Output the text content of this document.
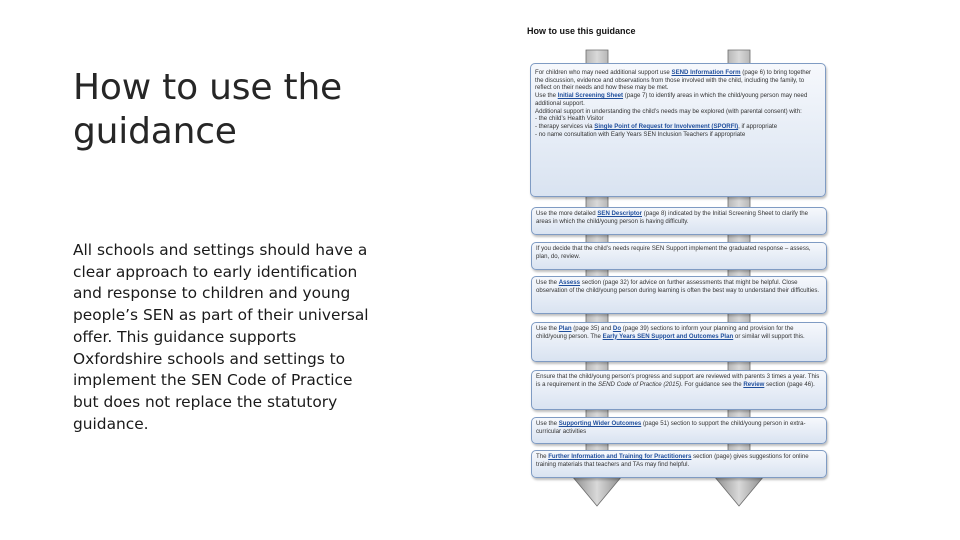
How to use the guidance

All schools and settings should have a clear approach to early identification and response to children and young people’s SEN as part of their universal offer. This guidance supports Oxfordshire schools and settings to implement the SEN Code of Practice but does not replace the statutory guidance.

How to use this guidance

For children who may need additional support use SEND Information Form (page 6) to bring together the discussion, evidence and observations from those involved with the child, including the family, to reflect on their needs and how these may be met.

Use the Initial Screening Sheet (page 7) to identify areas in which the child/young person may need additional support.

Additional support in understanding the child’s needs may be explored (with parental consent) with:

- the child’s Health Visitor

- therapy services via Single Point of Request for Involvement (SPORFI), if appropriate

- no name consultation with Early Years SEN Inclusion Teachers if appropriate

Use the more detailed SEN Descriptor (page 8) indicated by the Initial Screening Sheet to clarify the areas in which the child/young person is having difficulty.

If you decide that the child’s needs require SEN Support implement the graduated response – assess, plan, do, review.

Use the Assess section (page 32) for advice on further assessments that might be helpful. Close observation of the child/young person during learning is often the best way to understand their difficulties.

Use the Plan (page 35) and Do (page 39) sections to inform your planning and provision for the child/young person. The Early Years SEN Support and Outcomes Plan or similar will support this.

Ensure that the child/young person’s progress and support are reviewed with parents 3 times a year. This is a requirement in the SEND Code of Practice (2015). For guidance see the Review section (page 46).

Use the Supporting Wider Outcomes (page 51) section to support the child/young person in extra-curricular activities

The Further Information and Training for Practitioners section (page) gives suggestions for online training materials that teachers and TAs may find helpful.
